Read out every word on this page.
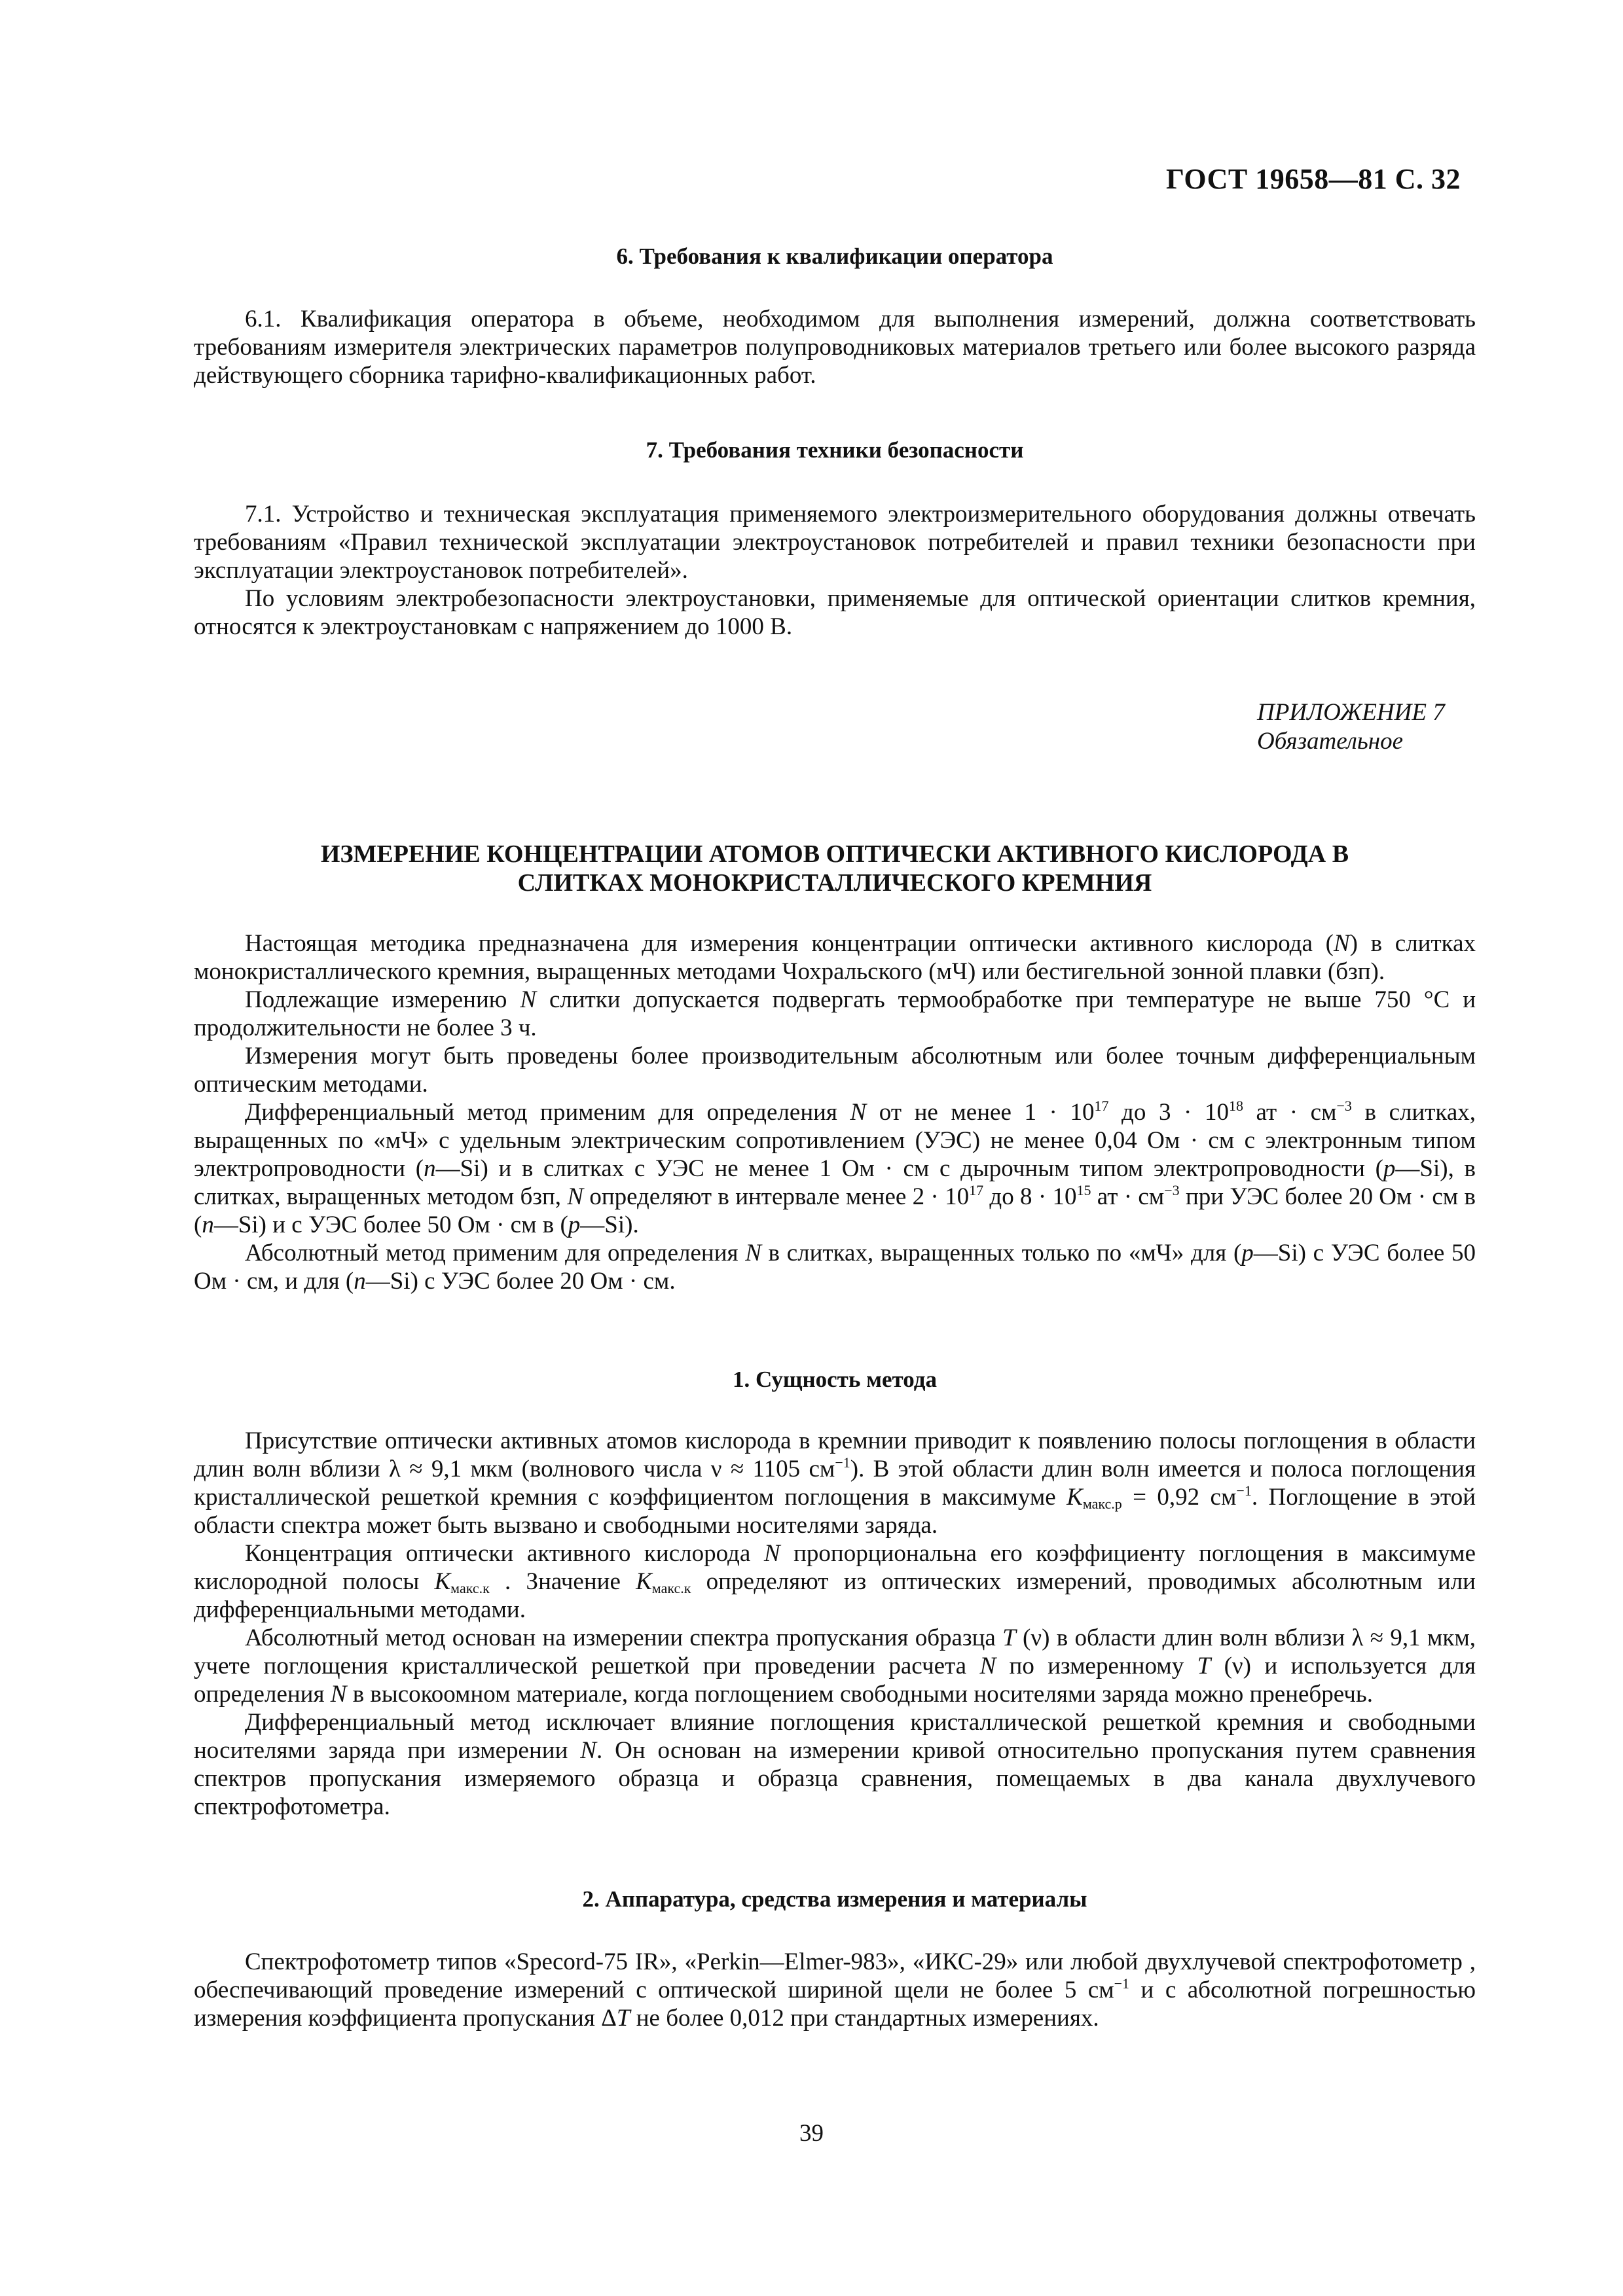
ГОСТ 19658—81 С. 32
6. Требования к квалификации оператора

6.1. Квалификация оператора в объеме, необходимом для выполнения измерений, должна соответствовать требованиям измерителя электрических параметров полупроводниковых материалов третьего или более высокого разряда действующего сборника тарифно-квалификационных работ.

7. Требования техники безопасности

7.1. Устройство и техническая эксплуатация применяемого электроизмерительного оборудования должны отвечать требованиям «Правил технической эксплуатации электроустановок потребителей и правил техники безопасности при эксплуатации электроустановок потребителей».

По условиям электробезопасности электроустановки, применяемые для оптической ориентации слитков кремния, относятся к электроустановкам с напряжением до 1000 В.

ПРИЛОЖЕНИЕ 7
Обязательное
ИЗМЕРЕНИЕ КОНЦЕНТРАЦИИ АТОМОВ ОПТИЧЕСКИ АКТИВНОГО КИСЛОРОДА В
СЛИТКАХ МОНОКРИСТАЛЛИЧЕСКОГО КРЕМНИЯ

Настоящая методика предназначена для измерения концентрации оптически активного кислорода (N) в слитках монокристаллического кремния, выращенных методами Чохральского (мЧ) или бестигельной зонной плавки (бзп).

Подлежащие измерению N слитки допускается подвергать термообработке при температуре не выше 750 °С и продолжительности не более 3 ч.

Измерения могут быть проведены более производительным абсолютным или более точным дифференциальным оптическим методами.

Дифференциальный метод применим для определения N от не менее $1 \cdot 10^{17}$ до $3 \cdot 10^{18}$ ат · $см^{-3}$ в слитках, выращенных по «мЧ» с удельным электрическим сопротивлением (УЭС) не менее 0,04 Ом · см с электронным типом электропроводности (n—Si) и в слитках с УЭС не менее 1 Ом · см с дырочным типом электропроводности (p—Si), в слитках, выращенных методом бзп, N определяют в интервале менее $2 \cdot 10^{17}$ до $8 \cdot 10^{15}$ ат · $см^{-3}$ при УЭС более 20 Ом · см в (n—Si) и с УЭС более 50 Ом · см в (p—Si).

Абсолютный метод применим для определения N в слитках, выращенных только по «мЧ» для (p—Si) с УЭС более 50 Ом · см, и для (n—Si) с УЭС более 20 Ом · см.

1. Сущность метода

Присутствие оптически активных атомов кислорода в кремнии приводит к появлению полосы поглощения в области длин волн вблизи λ ≈ 9,1 мкм (волнового числа ν ≈ 1105 $см^{-1}$). В этой области длин волн имеется и полоса поглощения кристаллической решеткой кремния с коэффициентом поглощения в максимуме $K_{макс.р} = 0,92$ $см^{-1}$. Поглощение в этой области спектра может быть вызвано и свободными носителями заряда.

Концентрация оптически активного кислорода N пропорциональна его коэффициенту поглощения в максимуме кислородной полосы $K_{макс.к}$ . Значение $K_{макс.к}$ определяют из оптических измерений, проводимых абсолютным или дифференциальными методами.

Абсолютный метод основан на измерении спектра пропускания образца T (ν) в области длин волн вблизи λ ≈ 9,1 мкм, учете поглощения кристаллической решеткой при проведении расчета N по измеренному T (ν) и используется для определения N в высокоомном материале, когда поглощением свободными носителями заряда можно пренебречь.

Дифференциальный метод исключает влияние поглощения кристаллической решеткой кремния и свободными носителями заряда при измерении N. Он основан на измерении кривой относительно пропускания путем сравнения спектров пропускания измеряемого образца и образца сравнения, помещаемых в два канала двухлучевого спектрофотометра.

2. Аппаратура, средства измерения и материалы

Спектрофотометр типов «Specord-75 IR», «Perkin—Elmer-983», «ИКС-29» или любой двухлучевой спектрофотометр , обеспечивающий проведение измерений с оптической шириной щели не более 5 $см^{-1}$ и с абсолютной погрешностью измерения коэффициента пропускания ΔT не более 0,012 при стандартных измерениях.

39
